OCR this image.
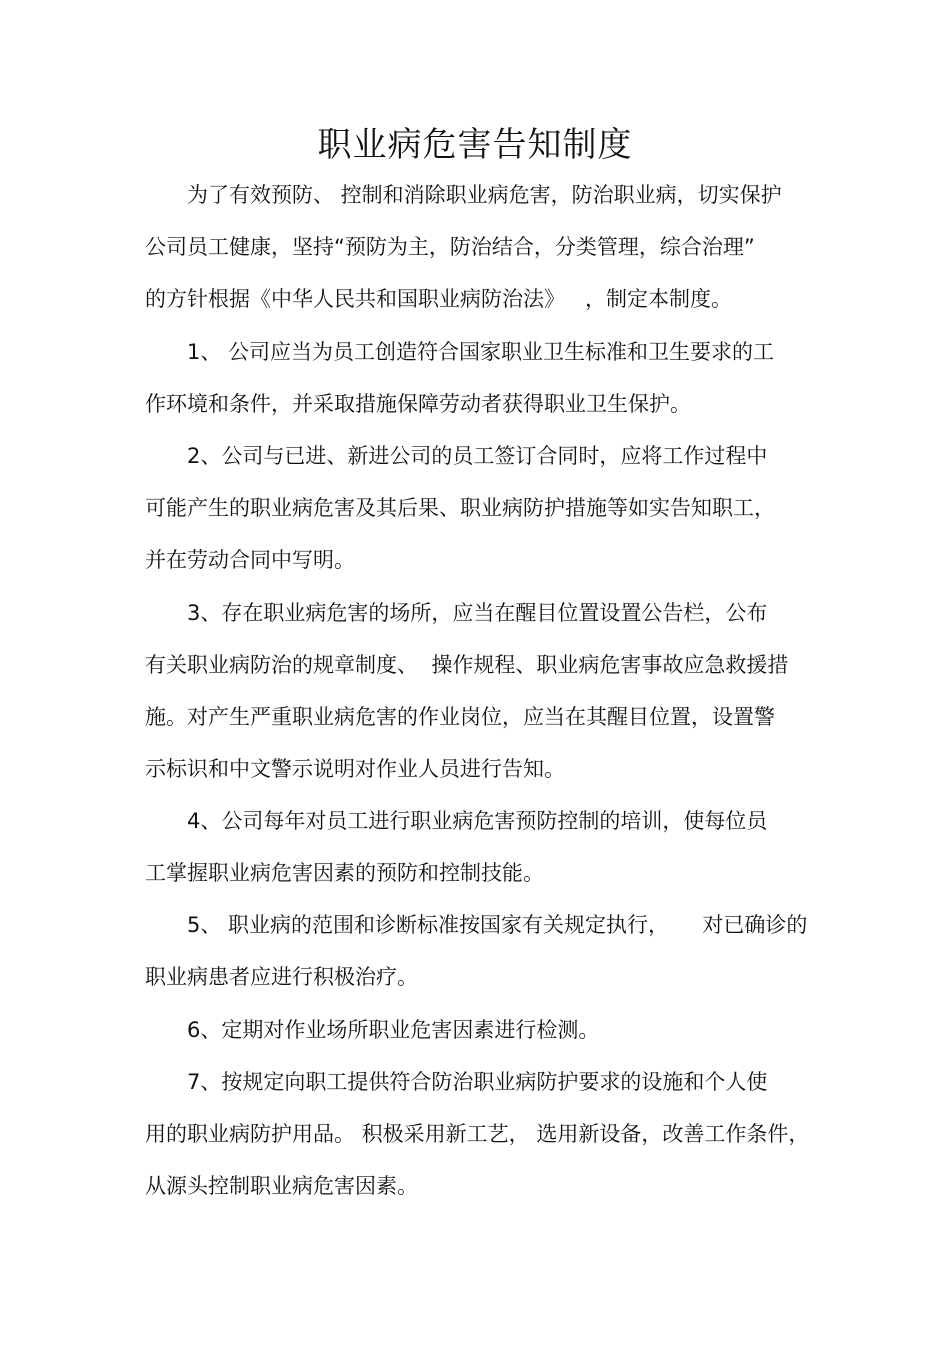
职业病危害告知制度
为了有效预防、 控制和消除职业病危害，防治职业病，切实保护
公司员工健康，坚持“预防为主，防治结合，分类管理，综合治理”
的方针根据《中华人民共和国职业病防治法》   ，制定本制度。
1、 公司应当为员工创造符合国家职业卫生标准和卫生要求的工
作环境和条件，并采取措施保障劳动者获得职业卫生保护。
2、公司与已进、新进公司的员工签订合同时，应将工作过程中
可能产生的职业病危害及其后果、职业病防护措施等如实告知职工，
并在劳动合同中写明。
3、存在职业病危害的场所，应当在醒目位置设置公告栏，公布
有关职业病防治的规章制度、  操作规程、职业病危害事故应急救援措
施。对产生严重职业病危害的作业岗位，应当在其醒目位置，设置警
示标识和中文警示说明对作业人员进行告知。
4、公司每年对员工进行职业病危害预防控制的培训，使每位员
工掌握职业病危害因素的预防和控制技能。
5、 职业病的范围和诊断标准按国家有关规定执行，     对已确诊的
职业病患者应进行积极治疗。
6、定期对作业场所职业危害因素进行检测。
7、按规定向职工提供符合防治职业病防护要求的设施和个人使
用的职业病防护用品。 积极采用新工艺， 选用新设备，改善工作条件，
从源头控制职业病危害因素。
